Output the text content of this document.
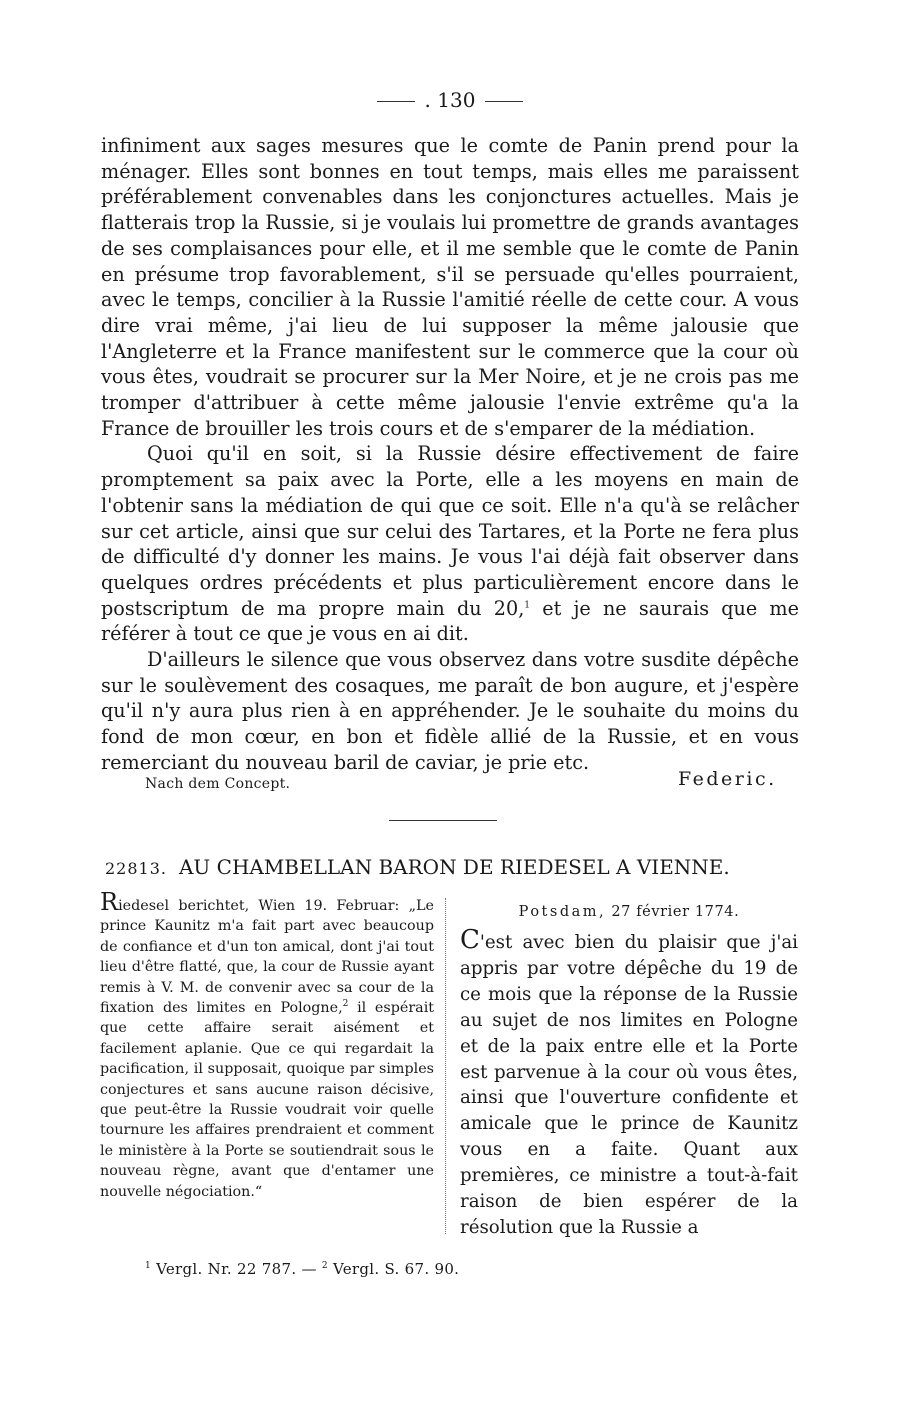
. 130

infiniment aux sages mesures que le comte de Panin prend pour la ménager. Elles sont bonnes en tout temps, mais elles me paraissent préférablement convenables dans les conjonctures actuelles. Mais je flatterais trop la Russie, si je voulais lui promettre de grands avantages de ses complaisances pour elle, et il me semble que le comte de Panin en présume trop favorablement, s'il se persuade qu'elles pourraient, avec le temps, concilier à la Russie l'amitié réelle de cette cour. A vous dire vrai même, j'ai lieu de lui supposer la même jalousie que l'Angleterre et la France manifestent sur le commerce que la cour où vous êtes, voudrait se procurer sur la Mer Noire, et je ne crois pas me tromper d'attribuer à cette même jalousie l'envie extrême qu'a la France de brouiller les trois cours et de s'emparer de la médiation.

Quoi qu'il en soit, si la Russie désire effectivement de faire promptement sa paix avec la Porte, elle a les moyens en main de l'obtenir sans la médiation de qui que ce soit. Elle n'a qu'à se relâcher sur cet article, ainsi que sur celui des Tartares, et la Porte ne fera plus de difficulté d'y donner les mains. Je vous l'ai déjà fait observer dans quelques ordres précédents et plus particulièrement encore dans le postscriptum de ma propre main du 20,$^1$ et je ne saurais que me référer à tout ce que je vous en ai dit.

D'ailleurs le silence que vous observez dans votre susdite dépêche sur le soulèvement des cosaques, me paraît de bon augure, et j'espère qu'il n'y aura plus rien à en appréhender. Je le souhaite du moins du fond de mon cœur, en bon et fidèle allié de la Russie, et en vous remerciant du nouveau baril de caviar, je prie etc.

Nach dem Concept.	Federic.
22813. AU CHAMBELLAN BARON DE RIEDESEL A VIENNE.

Riedesel berichtet, Wien 19. Februar: „Le prince Kaunitz m'a fait part avec beaucoup de confiance et d'un ton amical, dont j'ai tout lieu d'être flatté, que, la cour de Russie ayant remis à V. M. de convenir avec sa cour de la fixation des limites en Pologne,$^2$ il espérait que cette affaire serait aisément et facilement aplanie. Que ce qui regardait la pacification, il supposait, quoique par simples conjectures et sans aucune raison décisive, que peut-être la Russie voudrait voir quelle tournure les affaires prendraient et comment le ministère à la Porte se soutiendrait sous le nouveau règne, avant que d'entamer une nouvelle négociation.“

Potsdam, 27 février 1774.

C'est avec bien du plaisir que j'ai appris par votre dépêche du 19 de ce mois que la réponse de la Russie au sujet de nos limites en Pologne et de la paix entre elle et la Porte est parvenue à la cour où vous êtes, ainsi que l'ouverture confidente et amicale que le prince de Kaunitz vous en a faite. Quant aux premières, ce ministre a tout-à-fait raison de bien espérer de la résolution que la Russie a

$^1$ Vergl. Nr. 22 787. — $^2$ Vergl. S. 67. 90.
